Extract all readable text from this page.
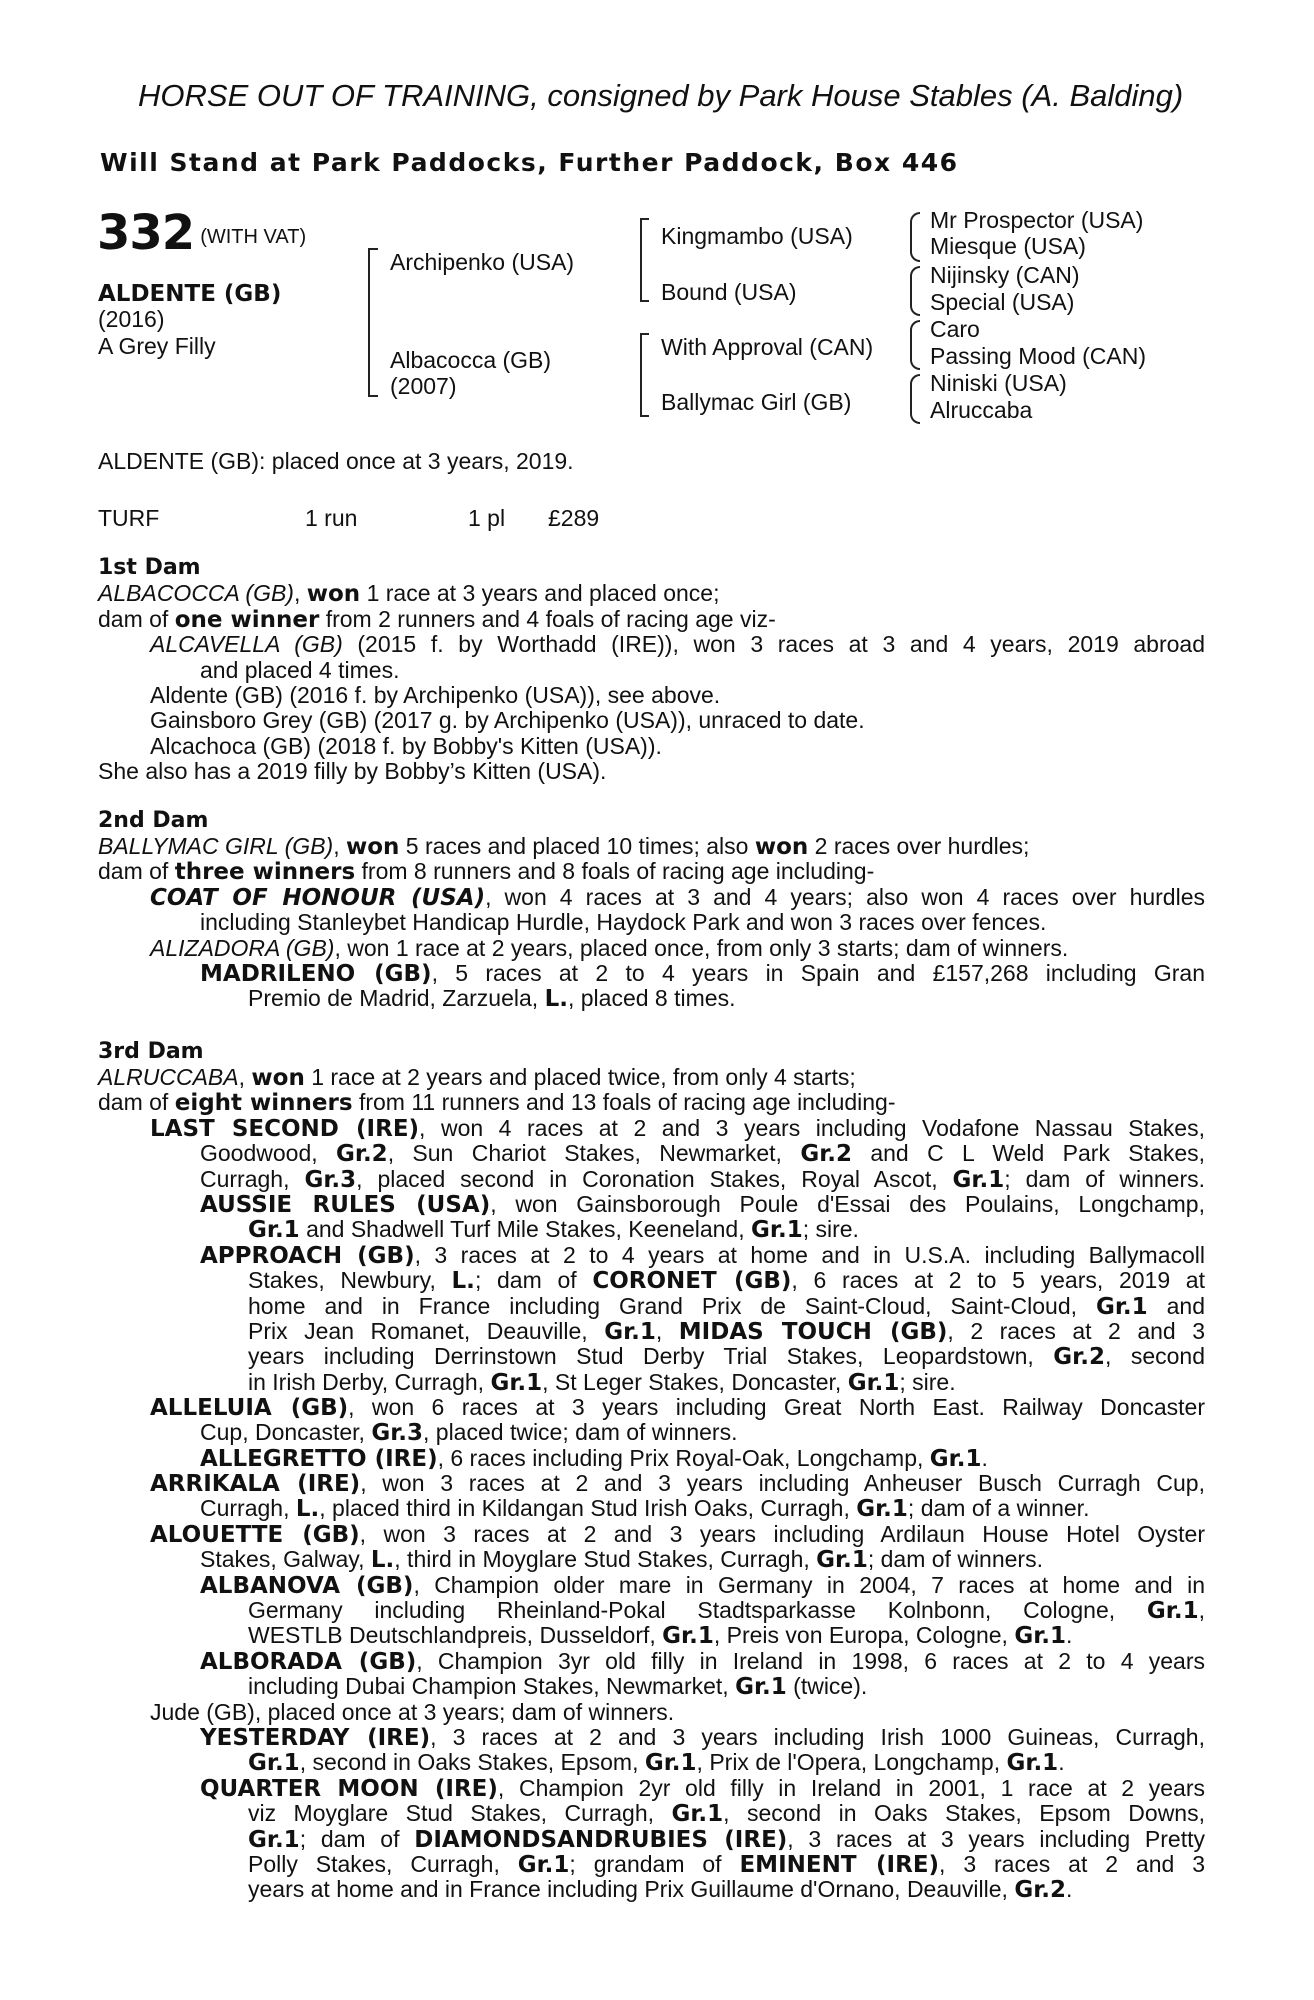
HORSE OUT OF TRAINING, consigned by Park House Stables (A. Balding)
Will Stand at Park Paddocks, Further Paddock, Box 446
332 (WITH VAT)
ALDENTE (GB)
(2016)
A Grey Filly
Archipenko (USA)
Albacocca (GB)
(2007)
Kingmambo (USA)
Bound (USA)
With Approval (CAN)
Ballymac Girl (GB)
Mr Prospector (USA)
Miesque (USA)
Nijinsky (CAN)
Special (USA)
Caro
Passing Mood (CAN)
Niniski (USA)
Alruccaba
ALDENTE (GB): placed once at 3 years, 2019.
TURF	1 run	1 pl £289
1st Dam
2nd Dam
3rd Dam
ALBACOCCA (GB), won 1 race at 3 years and placed once;
dam of one winner from 2 runners and 4 foals of racing age viz-
ALCAVELLA (GB) (2015 f. by Worthadd (IRE)), won 3 races at 3 and 4 years, 2019 abroad
and placed 4 times.
Aldente (GB) (2016 f. by Archipenko (USA)), see above.
Gainsboro Grey (GB) (2017 g. by Archipenko (USA)), unraced to date.
Alcachoca (GB) (2018 f. by Bobby's Kitten (USA)).
She also has a 2019 filly by Bobby’s Kitten (USA).
BALLYMAC GIRL (GB), won 5 races and placed 10 times; also won 2 races over hurdles;
dam of three winners from 8 runners and 8 foals of racing age including-
COAT OF HONOUR (USA), won 4 races at 3 and 4 years; also won 4 races over hurdles
including Stanleybet Handicap Hurdle, Haydock Park and won 3 races over fences.
ALIZADORA (GB), won 1 race at 2 years, placed once, from only 3 starts; dam of winners.
MADRILENO (GB), 5 races at 2 to 4 years in Spain and £157,268 including Gran
Premio de Madrid, Zarzuela, L., placed 8 times.
ALRUCCABA, won 1 race at 2 years and placed twice, from only 4 starts;
dam of eight winners from 11 runners and 13 foals of racing age including-
LAST SECOND (IRE), won 4 races at 2 and 3 years including Vodafone Nassau Stakes,
Goodwood, Gr.2, Sun Chariot Stakes, Newmarket, Gr.2 and C L Weld Park Stakes,
Curragh, Gr.3, placed second in Coronation Stakes, Royal Ascot, Gr.1; dam of winners.
AUSSIE RULES (USA), won Gainsborough Poule d'Essai des Poulains, Longchamp,
Gr.1 and Shadwell Turf Mile Stakes, Keeneland, Gr.1; sire.
APPROACH (GB), 3 races at 2 to 4 years at home and in U.S.A. including Ballymacoll
Stakes, Newbury, L.; dam of CORONET (GB), 6 races at 2 to 5 years, 2019 at
home and in France including Grand Prix de Saint-Cloud, Saint-Cloud, Gr.1 and
Prix Jean Romanet, Deauville, Gr.1, MIDAS TOUCH (GB), 2 races at 2 and 3
years including Derrinstown Stud Derby Trial Stakes, Leopardstown, Gr.2, second
in Irish Derby, Curragh, Gr.1, St Leger Stakes, Doncaster, Gr.1; sire.
ALLELUIA (GB), won 6 races at 3 years including Great North East. Railway Doncaster
Cup, Doncaster, Gr.3, placed twice; dam of winners.
ALLEGRETTO (IRE), 6 races including Prix Royal-Oak, Longchamp, Gr.1.
ARRIKALA (IRE), won 3 races at 2 and 3 years including Anheuser Busch Curragh Cup,
Curragh, L., placed third in Kildangan Stud Irish Oaks, Curragh, Gr.1; dam of a winner.
ALOUETTE (GB), won 3 races at 2 and 3 years including Ardilaun House Hotel Oyster
Stakes, Galway, L., third in Moyglare Stud Stakes, Curragh, Gr.1; dam of winners.
ALBANOVA (GB), Champion older mare in Germany in 2004, 7 races at home and in
Germany including Rheinland-Pokal Stadtsparkasse Kolnbonn, Cologne, Gr.1,
WESTLB Deutschlandpreis, Dusseldorf, Gr.1, Preis von Europa, Cologne, Gr.1.
ALBORADA (GB), Champion 3yr old filly in Ireland in 1998, 6 races at 2 to 4 years
including Dubai Champion Stakes, Newmarket, Gr.1 (twice).
Jude (GB), placed once at 3 years; dam of winners.
YESTERDAY (IRE), 3 races at 2 and 3 years including Irish 1000 Guineas, Curragh,
Gr.1, second in Oaks Stakes, Epsom, Gr.1, Prix de l'Opera, Longchamp, Gr.1.
QUARTER MOON (IRE), Champion 2yr old filly in Ireland in 2001, 1 race at 2 years
viz Moyglare Stud Stakes, Curragh, Gr.1, second in Oaks Stakes, Epsom Downs,
Gr.1; dam of DIAMONDSANDRUBIES (IRE), 3 races at 3 years including Pretty
Polly Stakes, Curragh, Gr.1; grandam of EMINENT (IRE), 3 races at 2 and 3
years at home and in France including Prix Guillaume d'Ornano, Deauville, Gr.2.
